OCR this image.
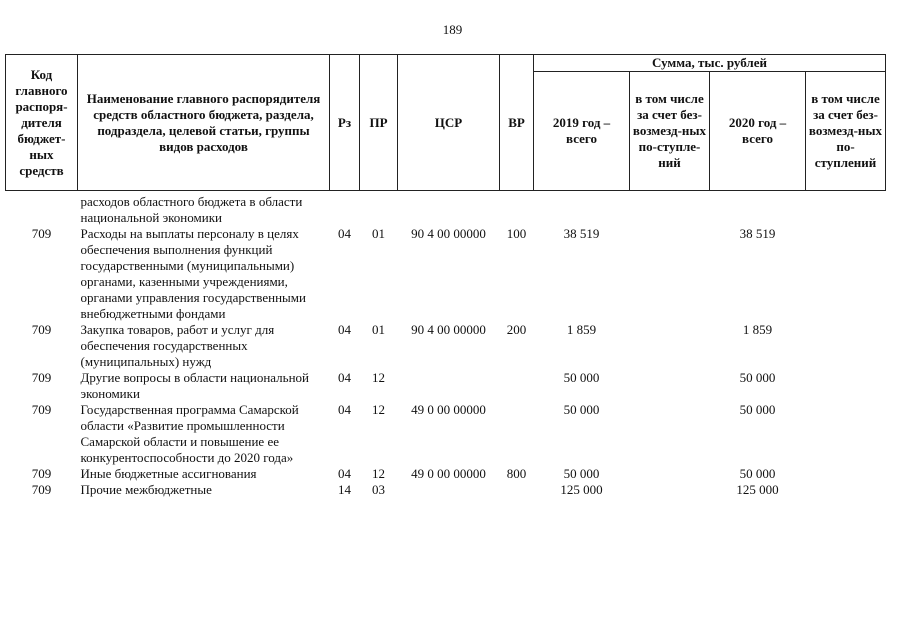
189
Код главного распоря-дителя бюджет-ных средств	Наименование главного распорядителя средств областного бюджета, раздела, подраздела, целевой статьи, группы видов расходов	Рз	ПР	ЦСР	ВР	Сумма, тыс. рублей			
						2019 год – всего	в том числе за счет без-возмезд-ных по-ступле-ний	2020 год – всего	в том числе за счет без-возмезд-ных по-ступлений
	расходов областного бюджета в области национальной экономики								
709	Расходы на выплаты персоналу в целях обеспечения выполнения функций государственными (муниципальными) органами, казенными учреждениями, органами управления государственными внебюджетными фондами	04	01	90 4 00 00000	100	38 519		38 519	
709	Закупка товаров, работ и услуг для обеспечения государственных (муниципальных) нужд	04	01	90 4 00 00000	200	1 859		1 859	
709	Другие вопросы в области национальной экономики	04	12			50 000		50 000	
709	Государственная программа Самарской области «Развитие промышленности Самарской области и повышение ее конкурентоспособности до 2020 года»	04	12	49 0 00 00000		50 000		50 000	
709	Иные бюджетные ассигнования	04	12	49 0 00 00000	800	50 000		50 000	
709	Прочие межбюджетные	14	03			125 000		125 000	
